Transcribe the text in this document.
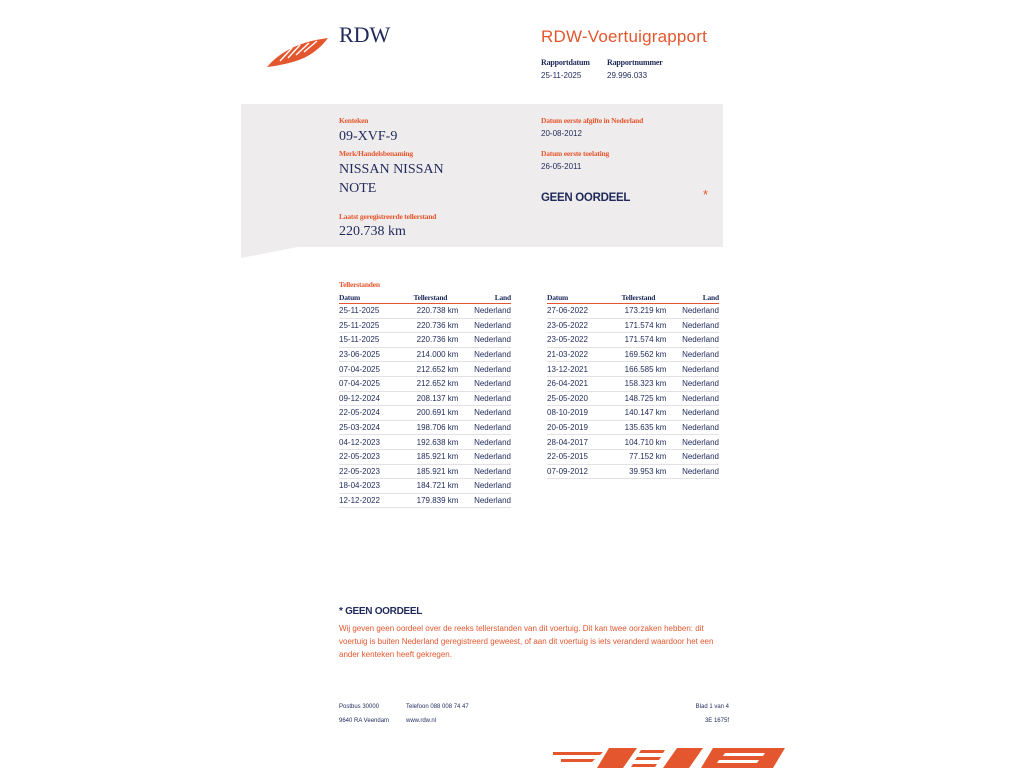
RDW	RDW-Voertuigrapport
Rapportdatum
25-11-2025
Rapportnummer
29.996.033
Kenteken
09-XVF-9
Merk/Handelsbenaming
NISSAN NISSAN
NOTE
Laatst geregistreerde tellerstand
220.738 km
Datum eerste afgifte in Nederland
20-08-2012
Datum eerste toelating
26-05-2011
GEEN OORDEEL	*
Tellerstanden
Datum	Tellerstand	Land
25-11-2025	220.738 km	Nederland
25-11-2025	220.736 km	Nederland
15-11-2025	220.736 km	Nederland
23-06-2025	214.000 km	Nederland
07-04-2025	212.652 km	Nederland
07-04-2025	212.652 km	Nederland
09-12-2024	208.137 km	Nederland
22-05-2024	200.691 km	Nederland
25-03-2024	198.706 km	Nederland
04-12-2023	192.638 km	Nederland
22-05-2023	185.921 km	Nederland
22-05-2023	185.921 km	Nederland
18-04-2023	184.721 km	Nederland
12-12-2022	179.839 km	Nederland
Datum	Tellerstand	Land
27-06-2022	173.219 km	Nederland
23-05-2022	171.574 km	Nederland
23-05-2022	171.574 km	Nederland
21-03-2022	169.562 km	Nederland
13-12-2021	166.585 km	Nederland
26-04-2021	158.323 km	Nederland
25-05-2020	148.725 km	Nederland
08-10-2019	140.147 km	Nederland
20-05-2019	135.635 km	Nederland
28-04-2017	104.710 km	Nederland
22-05-2015	77.152 km	Nederland
07-09-2012	39.953 km	Nederland
* GEEN OORDEEL
Wij geven geen oordeel over de reeks tellerstanden van dit voertuig. Dit kan twee oorzaken hebben: dit voertuig is buiten Nederland geregistreerd geweest, of aan dit voertuig is iets veranderd waardoor het een ander kenteken heeft gekregen.
Postbus 30000
9640 RA Veendam
Telefoon 088 008 74 47
www.rdw.nl
Blad 1 van 4
3E 1675f
